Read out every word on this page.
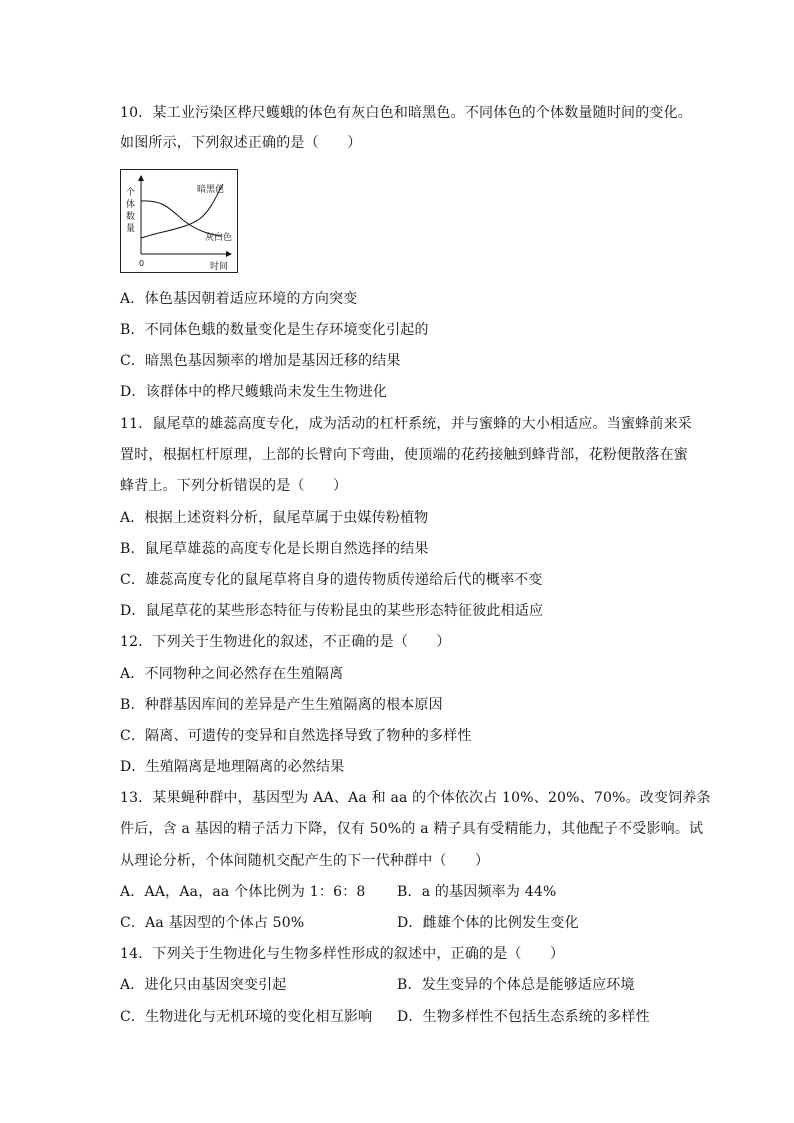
10．某工业污染区桦尺蠖蛾的体色有灰白色和暗黑色。不同体色的个体数量随时间的变化。
如图所示，下列叙述正确的是（　　）
个
体
数
量
0	时间
暗黑色
灰白色
A．体色基因朝着适应环境的方向突变
B．不同体色蛾的数量变化是生存环境变化引起的
C．暗黑色基因频率的增加是基因迁移的结果
D．该群体中的桦尺蠖蛾尚未发生生物进化
11．鼠尾草的雄蕊高度专化，成为活动的杠杆系统，并与蜜蜂的大小相适应。当蜜蜂前来采
置时，根据杠杆原理，上部的长臂向下弯曲，使顶端的花药接触到蜂背部，花粉便散落在蜜
蜂背上。下列分析错误的是（　　）
A．根据上述资料分析，鼠尾草属于虫媒传粉植物
B．鼠尾草雄蕊的高度专化是长期自然选择的结果
C．雄蕊高度专化的鼠尾草将自身的遗传物质传递给后代的概率不变
D．鼠尾草花的某些形态特征与传粉昆虫的某些形态特征彼此相适应
12．下列关于生物进化的叙述，不正确的是（　　）
A．不同物种之间必然存在生殖隔离
B．种群基因库间的差异是产生生殖隔离的根本原因
C．隔离、可遗传的变异和自然选择导致了物种的多样性
D．生殖隔离是地理隔离的必然结果
13．某果蝇种群中，基因型为 AA、Aa 和 aa 的个体依次占 10%、20%、70%。改变饲养条
件后，含 a 基因的精子活力下降，仅有 50%的 a 精子具有受精能力，其他配子不受影响。试
从理论分析，个体间随机交配产生的下一代种群中（　　）
A．AA，Aa，aa 个体比例为 1：6：8 B．a 的基因频率为 44%
C．Aa 基因型的个体占 50%	D．雌雄个体的比例发生变化
14．下列关于生物进化与生物多样性形成的叙述中，正确的是（　　）
A．进化只由基因突变引起	B．发生变异的个体总是能够适应环境
C．生物进化与无机环境的变化相互影响 D．生物多样性不包括生态系统的多样性
